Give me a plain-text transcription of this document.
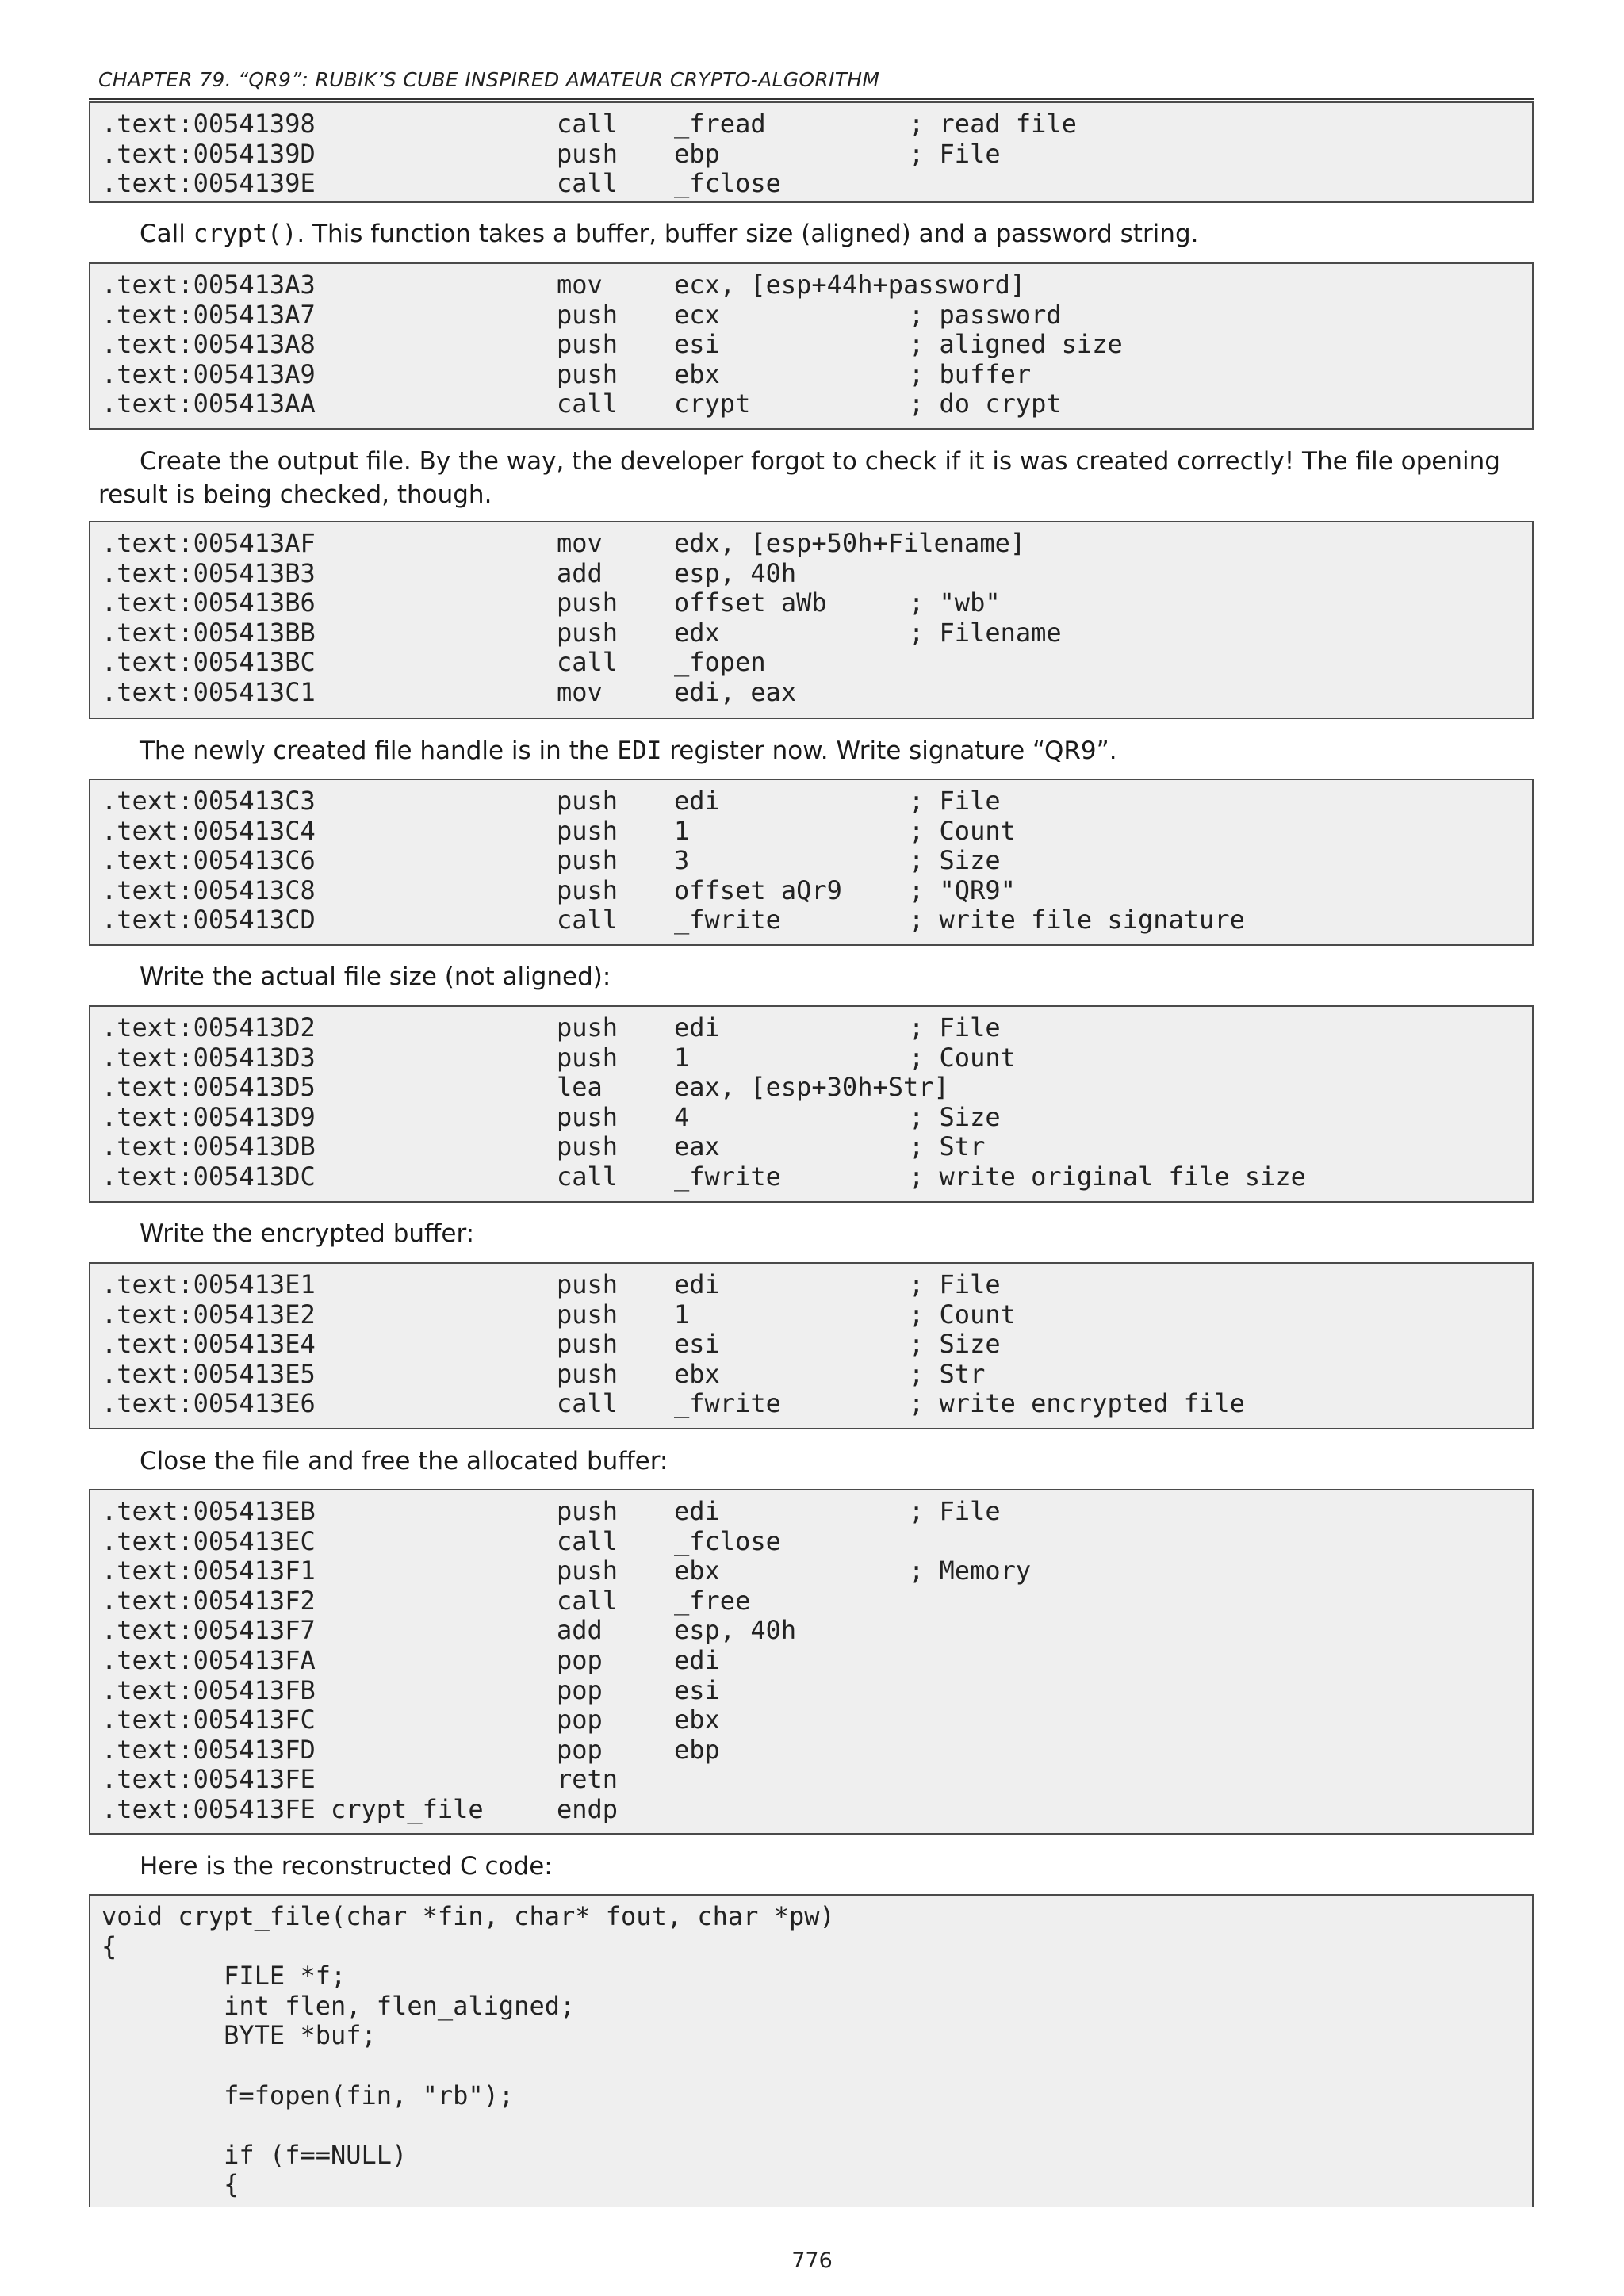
CHAPTER 79. “QR9”: RUBIK’S CUBE INSPIRED AMATEUR CRYPTO-ALGORITHM
.text:00541398	call _fread	; read file
.text:0054139D	push ebp	; File
.text:0054139E	call _fclose
Call crypt(). This function takes a buffer, buffer size (aligned) and a password string.
.text:005413A3	mov	ecx, [esp+44h+password]
.text:005413A7	push ecx	; password
.text:005413A8	push esi	; aligned size
.text:005413A9	push ebx	; buffer
.text:005413AA	call crypt	; do crypt
Create the output file. By the way, the developer forgot to check if it is was created correctly! The file opening result is being checked, though.
.text:005413AF	mov	edx, [esp+50h+Filename]
.text:005413B3	add	esp, 40h
.text:005413B6	push offset aWb	; "wb"
.text:005413BB	push edx	; Filename
.text:005413BC	call _fopen
.text:005413C1	mov	edi, eax
The newly created file handle is in the EDI register now. Write signature “QR9”.
.text:005413C3	push edi	; File
.text:005413C4	push 1	; Count
.text:005413C6	push 3	; Size
.text:005413C8	push offset aQr9	; "QR9"
.text:005413CD	call _fwrite	; write file signature
Write the actual file size (not aligned):
.text:005413D2	push edi	; File
.text:005413D3	push 1	; Count
.text:005413D5	lea	eax, [esp+30h+Str]
.text:005413D9	push 4	; Size
.text:005413DB	push eax	; Str
.text:005413DC	call _fwrite	; write original file size
Write the encrypted buffer:
.text:005413E1	push edi	; File
.text:005413E2	push 1	; Count
.text:005413E4	push esi	; Size
.text:005413E5	push ebx	; Str
.text:005413E6	call _fwrite	; write encrypted file
Close the file and free the allocated buffer:
.text:005413EB	push edi	; File
.text:005413EC	call _fclose
.text:005413F1	push ebx	; Memory
.text:005413F2	call _free
.text:005413F7	add	esp, 40h
.text:005413FA	pop	edi
.text:005413FB	pop	esi
.text:005413FC	pop	ebx
.text:005413FD	pop	ebp
.text:005413FE	retn
.text:005413FE crypt_file	endp
Here is the reconstructed C code:
void crypt_file(char *fin, char* fout, char *pw)
{
FILE *f;
int flen, flen_aligned;
BYTE *buf;
f=fopen(fin, "rb");
if (f==NULL)
{
776
